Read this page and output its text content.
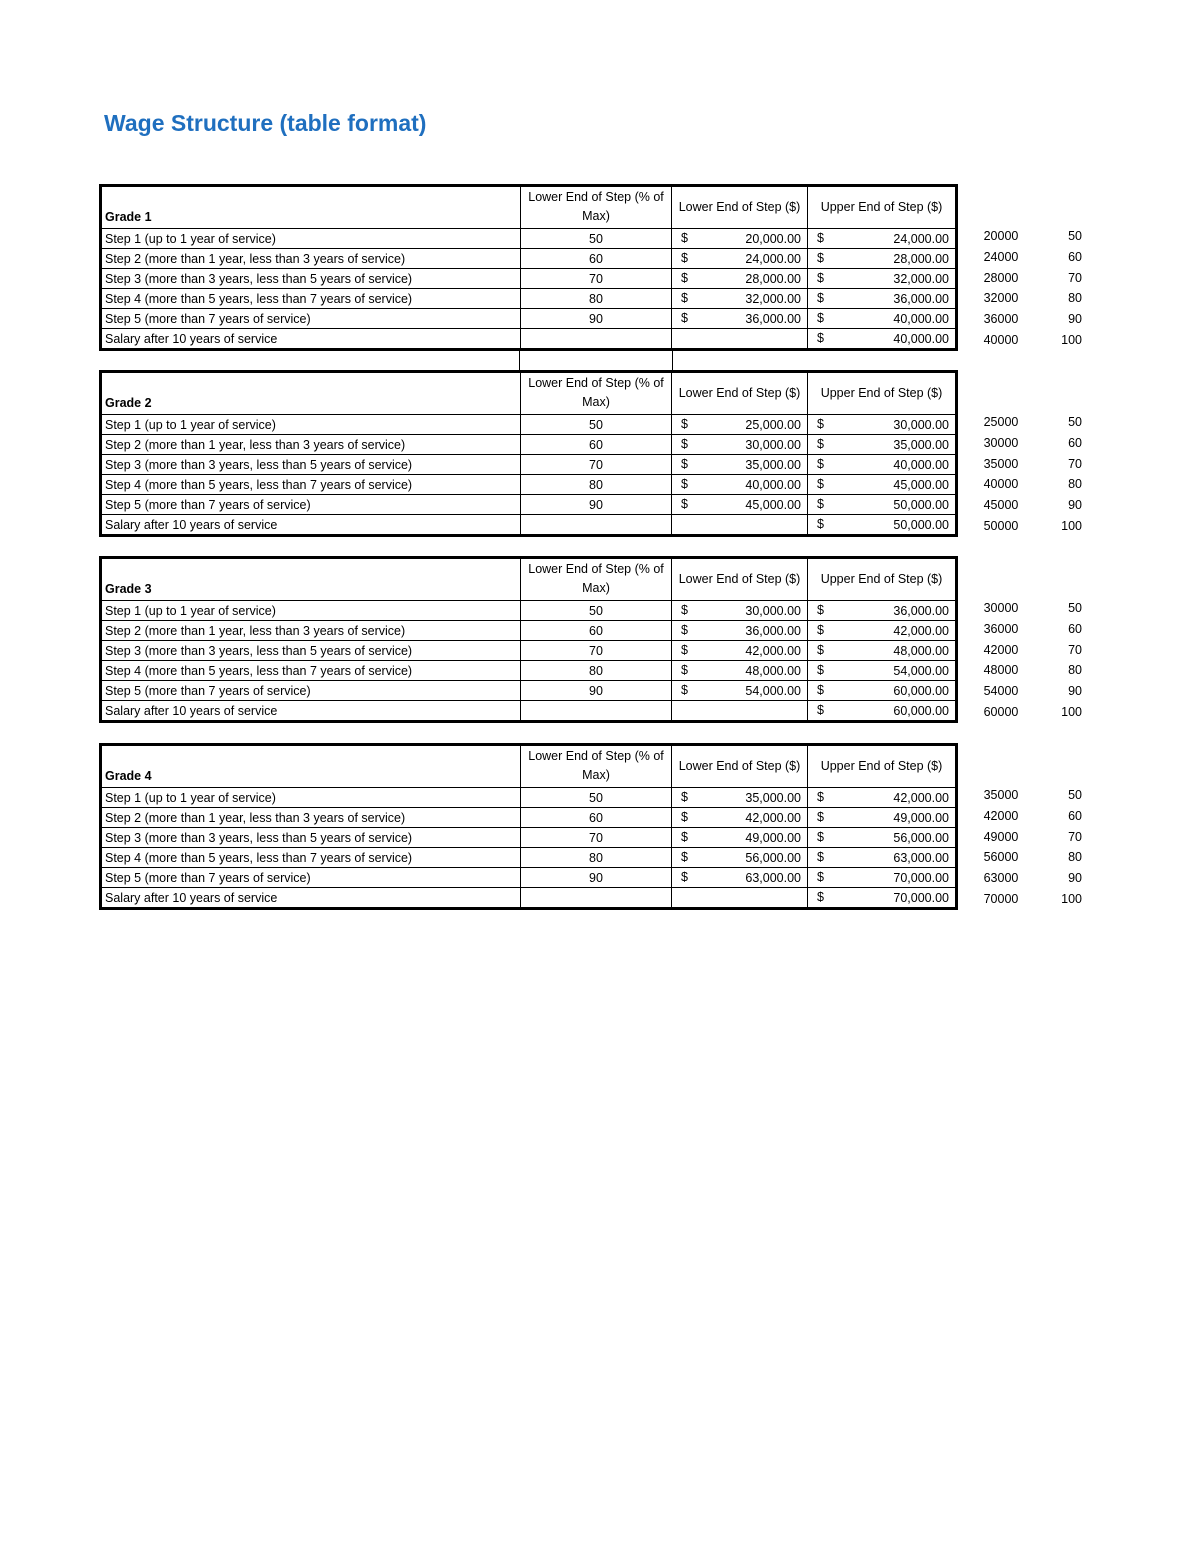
Wage Structure (table format)
20000	50
24000	60
28000	70
32000	80
36000	90
40000	100
Grade 1	Lower End of Step (% of Max)	Lower End of Step ($)	Upper End of Step ($)
Step 1 (up to 1 year of service)	50	$ 20,000.00	$ 24,000.00

Step 2 (more than 1 year, less than 3 years of service)	60	$ 24,000.00	$ 28,000.00

Step 3 (more than 3 years, less than 5 years of service)	70	$ 28,000.00	$ 32,000.00

Step 4 (more than 5 years, less than 7 years of service)	80	$ 32,000.00	$ 36,000.00

Step 5 (more than 7 years of service)	90	$ 36,000.00	$ 40,000.00

Salary after 10 years of service			$ 40,000.00
25000	50
30000	60
35000	70
40000	80
45000	90
50000	100
Grade 2	Lower End of Step (% of Max)	Lower End of Step ($)	Upper End of Step ($)
Step 1 (up to 1 year of service)	50	$ 25,000.00	$ 30,000.00

Step 2 (more than 1 year, less than 3 years of service)	60	$ 30,000.00	$ 35,000.00

Step 3 (more than 3 years, less than 5 years of service)	70	$ 35,000.00	$ 40,000.00

Step 4 (more than 5 years, less than 7 years of service)	80	$ 40,000.00	$ 45,000.00

Step 5 (more than 7 years of service)	90	$ 45,000.00	$ 50,000.00

Salary after 10 years of service			$ 50,000.00
30000	50
36000	60
42000	70
48000	80
54000	90
60000	100
Grade 3	Lower End of Step (% of Max)	Lower End of Step ($)	Upper End of Step ($)
Step 1 (up to 1 year of service)	50	$ 30,000.00	$ 36,000.00

Step 2 (more than 1 year, less than 3 years of service)	60	$ 36,000.00	$ 42,000.00

Step 3 (more than 3 years, less than 5 years of service)	70	$ 42,000.00	$ 48,000.00

Step 4 (more than 5 years, less than 7 years of service)	80	$ 48,000.00	$ 54,000.00

Step 5 (more than 7 years of service)	90	$ 54,000.00	$ 60,000.00

Salary after 10 years of service			$ 60,000.00
35000	50
42000	60
49000	70
56000	80
63000	90
70000	100
Grade 4	Lower End of Step (% of Max)	Lower End of Step ($)	Upper End of Step ($)
Step 1 (up to 1 year of service)	50	$ 35,000.00	$ 42,000.00

Step 2 (more than 1 year, less than 3 years of service)	60	$ 42,000.00	$ 49,000.00

Step 3 (more than 3 years, less than 5 years of service)	70	$ 49,000.00	$ 56,000.00

Step 4 (more than 5 years, less than 7 years of service)	80	$ 56,000.00	$ 63,000.00

Step 5 (more than 7 years of service)	90	$ 63,000.00	$ 70,000.00

Salary after 10 years of service			$ 70,000.00
